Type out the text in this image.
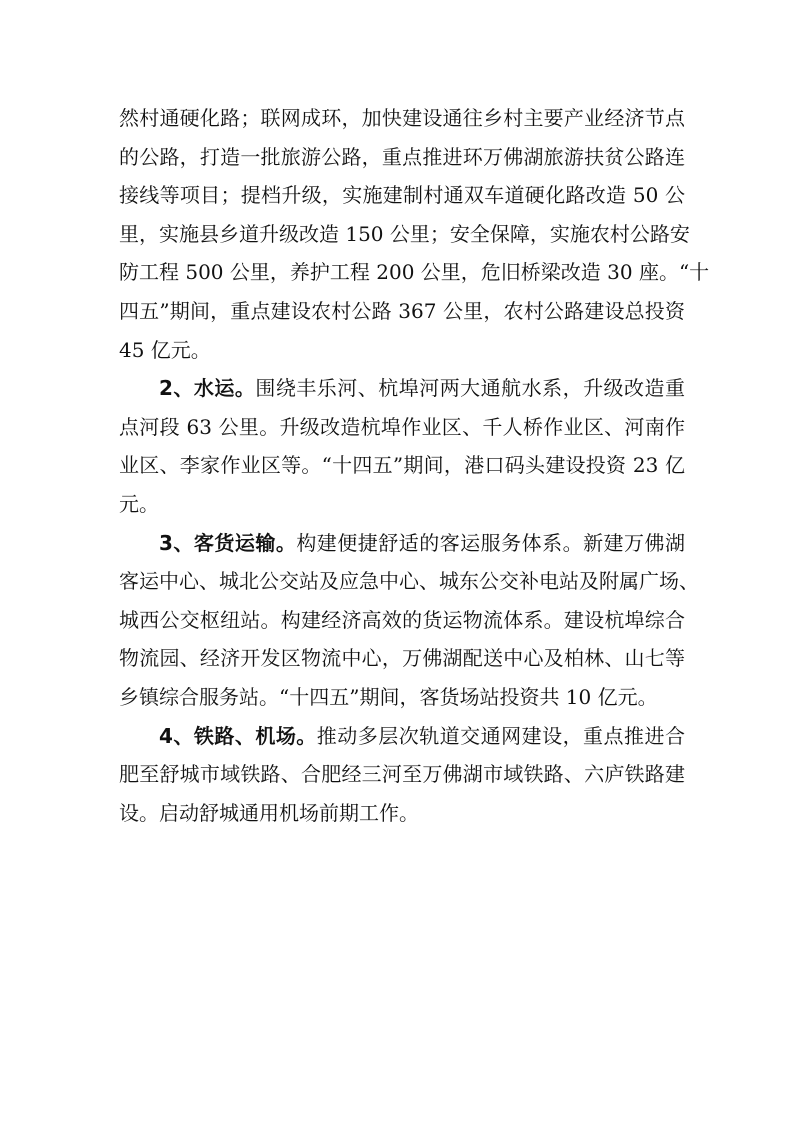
然村通硬化路；联网成环，加快建设通往乡村主要产业经济节点
的公路，打造一批旅游公路，重点推进环万佛湖旅游扶贫公路连
接线等项目；提档升级，实施建制村通双车道硬化路改造 50 公
里，实施县乡道升级改造 150 公里；安全保障，实施农村公路安
防工程 500 公里，养护工程 200 公里，危旧桥梁改造 30 座。“十
四五”期间，重点建设农村公路 367 公里，农村公路建设总投资
45 亿元。
2、水运。围绕丰乐河、杭埠河两大通航水系，升级改造重
点河段 63 公里。升级改造杭埠作业区、千人桥作业区、河南作
业区、李家作业区等。“十四五”期间，港口码头建设投资 23 亿
元。
3、客货运输。构建便捷舒适的客运服务体系。新建万佛湖
客运中心、城北公交站及应急中心、城东公交补电站及附属广场、
城西公交枢纽站。构建经济高效的货运物流体系。建设杭埠综合
物流园、经济开发区物流中心，万佛湖配送中心及柏林、山七等
乡镇综合服务站。“十四五”期间，客货场站投资共 10 亿元。
4、铁路、机场。推动多层次轨道交通网建设，重点推进合
肥至舒城市域铁路、合肥经三河至万佛湖市域铁路、六庐铁路建
设。启动舒城通用机场前期工作。
